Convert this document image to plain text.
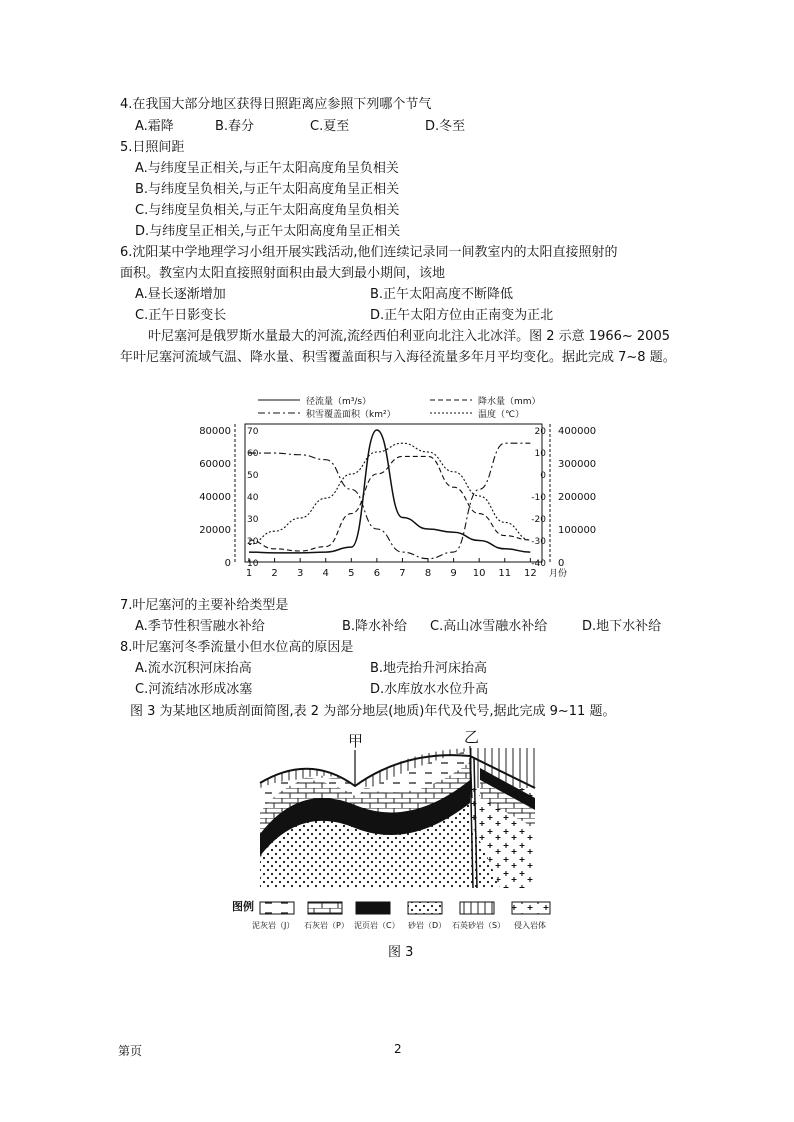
4.在我国大部分地区获得日照距离应参照下列哪个节气
A.霜降	B.春分	C.夏至	D.冬至
5.日照间距
A.与纬度呈正相关,与正午太阳高度角呈负相关
B.与纬度呈负相关,与正午太阳高度角呈正相关
C.与纬度呈负相关,与正午太阳高度角呈负相关
D.与纬度呈正相关,与正午太阳高度角呈正相关
6.沈阳某中学地理学习小组开展实践活动,他们连续记录同一间教室内的太阳直接照射的
面积。教室内太阳直接照射面积由最大到最小期间，该地
A.昼长逐渐增加	B.正午太阳高度不断降低
C.正午日影变长	D.正午太阳方位由正南变为正北
叶尼塞河是俄罗斯水量最大的河流,流经西伯利亚向北注入北冰洋。图 2 示意 1966~ 2005 年叶尼塞河流域气温、降水量、积雪覆盖面积与入海径流量多年月平均变化。据此完成 7~8 题。
径流量（m³/s）	降水量（mm）
积雪覆盖面积（km²）	温度（℃）
1 2 3 4 5 6 7 8 9 10 11 12 月份
0
20000
40000
60000
80000
10
20
30
40
50
60
70	20
10
0
-10
-20
-30
-40 0
100000
200000
300000
400000
7.叶尼塞河的主要补给类型是
A.季节性积雪融水补给	B.降水补给 C.高山冰雪融水补给	D.地下水补给
8.叶尼塞河冬季流量小但水位高的原因是
A.流水沉积河床抬高	B.地壳抬升河床抬高
C.河流结冰形成冰塞	D.水库放水水位升高
图 3 为某地区地质剖面简图,表 2 为部分地层(地质)年代及代号,据此完成 9~11 题。
甲	乙
图例
泥灰岩（J） 石灰岩（P） 泥页岩（C） 砂岩（D） 石英砂岩（S） 侵入岩体
图 3
第页	2
